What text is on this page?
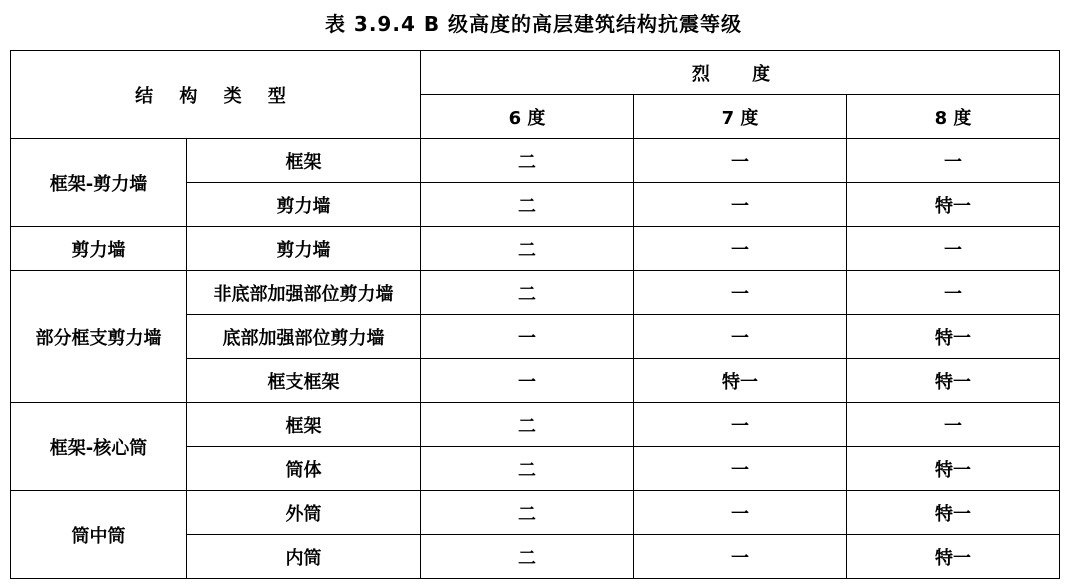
表 3.9.4 B 级高度的高层建筑结构抗震等级
结 构 类 型		烈 度		
		6 度	7 度	8 度
框架-剪力墙	框架	二	一	一
	剪力墙	二	一	特一
剪力墙	剪力墙	二	一	一
部分框支剪力墙	非底部加强部位剪力墙	二	一	一
	底部加强部位剪力墙	一	一	特一
	框支框架	一	特一	特一
框架-核心筒	框架	二	一	一
	筒体	二	一	特一
筒中筒	外筒	二	一	特一
	内筒	二	一	特一
